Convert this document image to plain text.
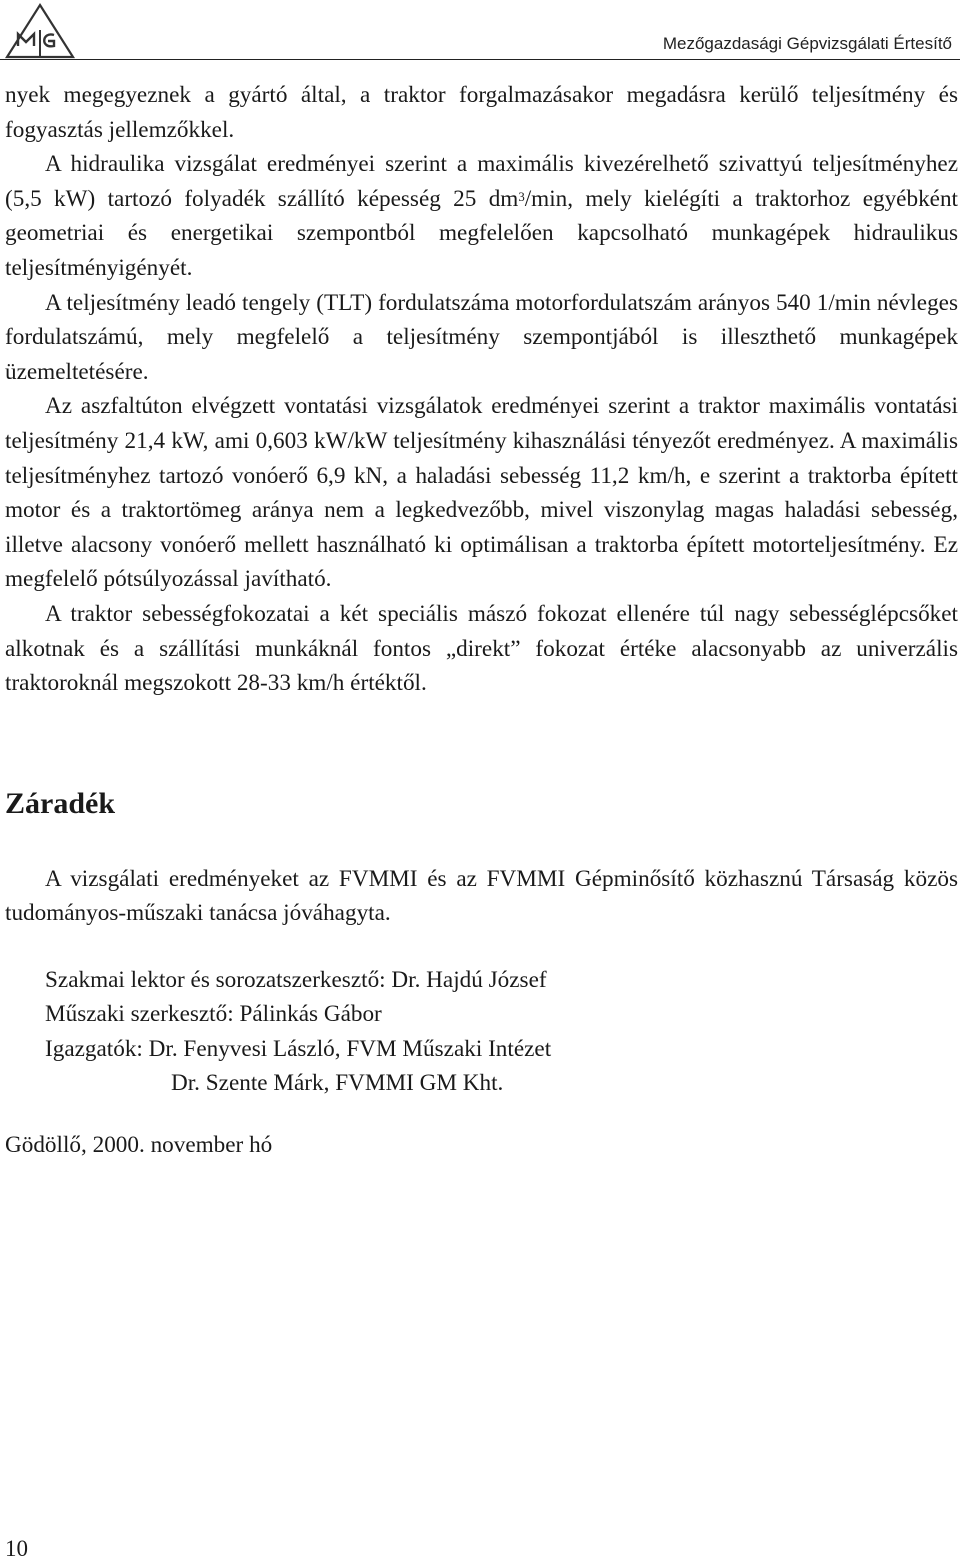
Mezőgazdasági Gépvizsgálati Értesítő

nyek megegyeznek a gyártó által, a traktor forgalmazásakor megadásra kerülő teljesítmény és fogyasztás jellemzőkkel.

A hidraulika vizsgálat eredményei szerint a maximális kivezérelhető szivattyú teljesítményhez (5,5 kW) tartozó folyadék szállító képesség 25 $dm^3/\min$, mely kielégíti a traktorhoz egyébként geometriai és energetikai szempontból megfelelően kapcsolható munkagépek hidraulikus teljesítményigényét.

A teljesítmény leadó tengely (TLT) fordulatszáma motorfordulatszám arányos 540 1/min névleges fordulatszámú, mely megfelelő a teljesítmény szempontjából is illeszthető munkagépek üzemeltetésére.

Az aszfaltúton elvégzett vontatási vizsgálatok eredményei szerint a traktor maximális vontatási teljesítmény 21,4 kW, ami 0,603 kW/kW teljesítmény kihasználási tényezőt eredményez. A maximális teljesítményhez tartozó vonóerő 6,9 kN, a haladási sebesség 11,2 km/h, e szerint a traktorba épített motor és a traktortömeg aránya nem a legkedvezőbb, mivel viszonylag magas haladási sebesség, illetve alacsony vonóerő mellett használható ki optimálisan a traktorba épített motorteljesítmény. Ez megfelelő pótsúlyozással javítható.

A traktor sebességfokozatai a két speciális mászó fokozat ellenére túl nagy sebességlépcsőket alkotnak és a szállítási munkáknál fontos „direkt” fokozat értéke alacsonyabb az univerzális traktoroknál megszokott 28-33 km/h értéktől.

Záradék

A vizsgálati eredményeket az FVMMI és az FVMMI Gépminősítő közhasznú Társaság közös tudományos-műszaki tanácsa jóváhagyta.

Szakmai lektor és sorozatszerkesztő: Dr. Hajdú József
Műszaki szerkesztő: Pálinkás Gábor
Igazgatók: Dr. Fenyvesi László, FVM Műszaki Intézet
Dr. Szente Márk, FVMMI GM Kht.
Gödöllő, 2000. november hó
10
